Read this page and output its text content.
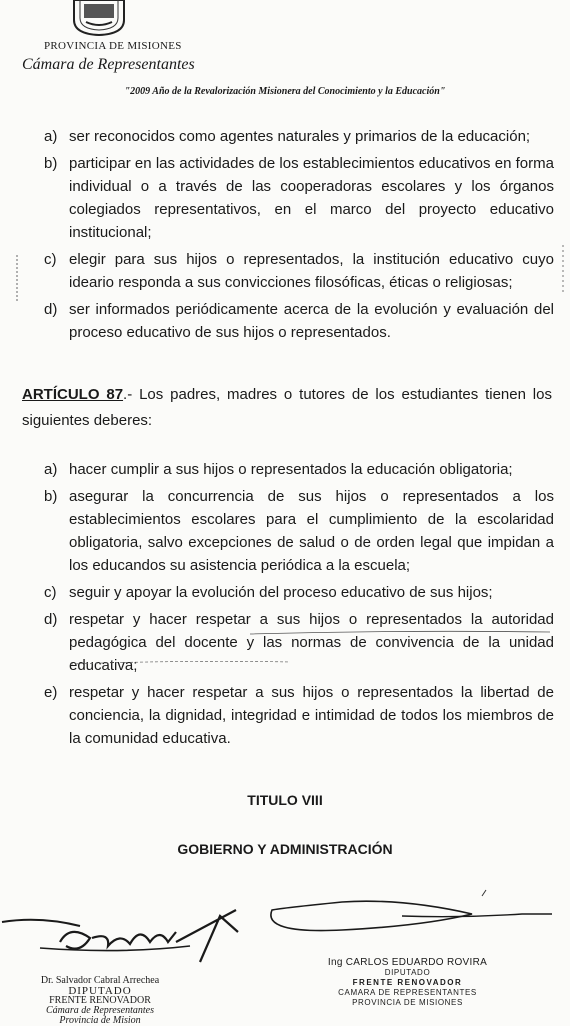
PROVINCIA DE MISIONES
Cámara de Representantes
"2009 Año de la Revalorización Misionera del Conocimiento y la Educación"

a) ser reconocidos como agentes naturales y primarios de la educación;

b) participar en las actividades de los establecimientos educativos en forma individual o a través de las cooperadoras escolares y los órganos colegiados representativos, en el marco del proyecto educativo institucional;

c) elegir para sus hijos o representados, la institución educativo cuyo ideario responda a sus convicciones filosóficas, éticas o religiosas;

d) ser informados periódicamente acerca de la evolución y evaluación del proceso educativo de sus hijos o representados.

ARTÍCULO 87.- Los padres, madres o tutores de los estudiantes tienen los siguientes deberes:

a) hacer cumplir a sus hijos o representados la educación obligatoria;

b) asegurar la concurrencia de sus hijos o representados a los establecimientos escolares para el cumplimiento de la escolaridad obligatoria, salvo excepciones de salud o de orden legal que impidan a los educandos su asistencia periódica a la escuela;

c) seguir y apoyar la evolución del proceso educativo de sus hijos;

d) respetar y hacer respetar a sus hijos o representados la autoridad pedagógica del docente y las normas de convivencia de la unidad educativa;

e) respetar y hacer respetar a sus hijos o representados la libertad de conciencia, la dignidad, integridad e intimidad de todos los miembros de la comunidad educativa.

TITULO VIII
GOBIERNO Y ADMINISTRACIÓN
Dr. Salvador Cabral Arrechea
DIPUTADO
FRENTE RENOVADOR
Cámara de Representantes
Provincia de Mision
Ing CARLOS EDUARDO ROVIRA
DIPUTADO
FRENTE RENOVADOR
CAMARA DE REPRESENTANTES
PROVINCIA DE MISIONES
